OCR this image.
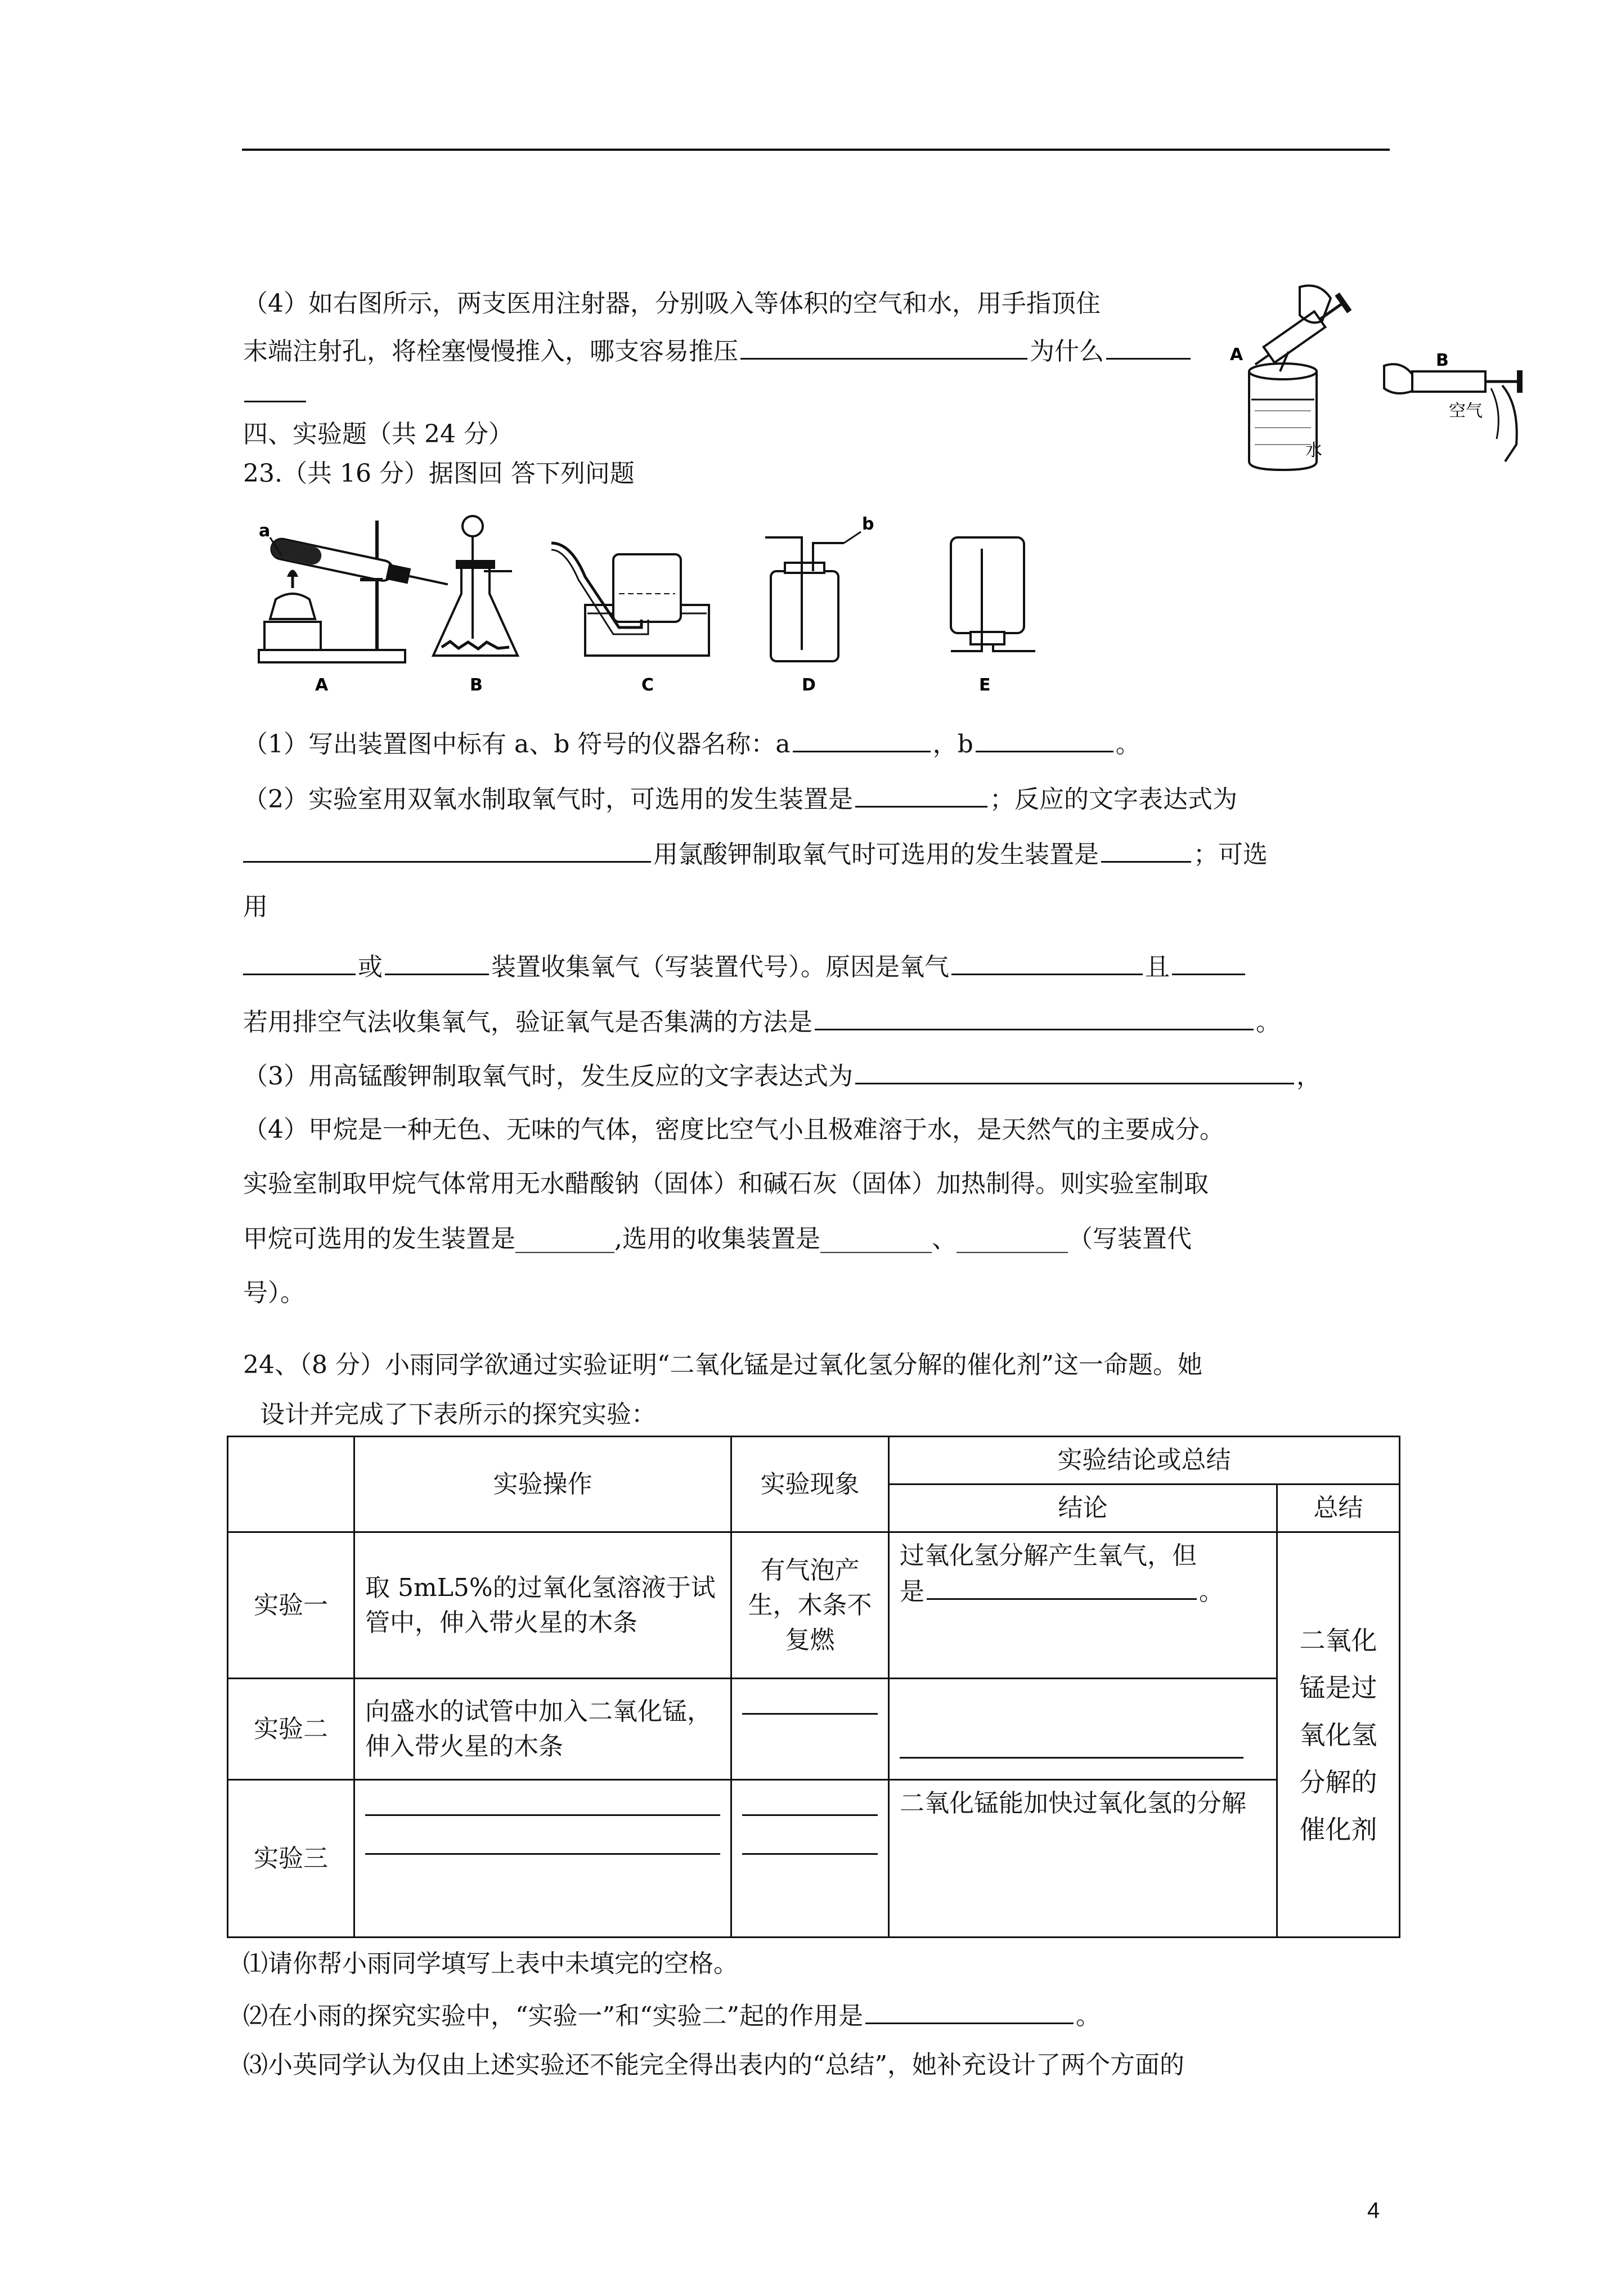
（4）如右图所示，两支医用注射器，分别吸入等体积的空气和水，用手指顶住
末端注射孔，将栓塞慢慢推入，哪支容易推压	为什么	A	B
水
空气
四、实验题（共 24 分）
23.（共 16 分）据图回 答下列问题
a
A	B	C
b
D	E
（1）写出装置图中标有 a、b 符号的仪器名称：a	，b	。
（2）实验室用双氧水制取氧气时，可选用的发生装置是	；反应的文字表达式为
用氯酸钾制取氧气时可选用的发生装置是	；可选
用
或	装置收集氧气（写装置代号）。原因是氧气	且
若用排空气法收集氧气，验证氧气是否集满的方法是	。
（3）用高锰酸钾制取氧气时，发生反应的文字表达式为	，
（4）甲烷是一种无色、无味的气体，密度比空气小且极难溶于水，是天然气的主要成分。
实验室制取甲烷气体常用无水醋酸钠（固体）和碱石灰（固体）加热制得。则实验室制取
甲烷可选用的发生装置是________,选用的收集装置是_________、_________（写装置代
号）。
24、（8 分）小雨同学欲通过实验证明“二氧化锰是过氧化氢分解的催化剂”这一命题。她
设计并完成了下表所示的探究实验：
	实验操作	实验现象	实验结论或总结	
			结论	总结
实验一	取 5mL5%的过氧化氢溶液于试管中，伸入带火星的木条	有气泡产生，木条不复燃	过氧化氢分解产生氧气，但
是 。	二氧化锰是过氧化氢分解的催化剂
实验二	向盛水的试管中加入二氧化锰，伸入带火星的木条		

实验三			二氧化锰能加快过氧化氢的分解	
⑴请你帮小雨同学填写上表中未填完的空格。
⑵在小雨的探究实验中，“实验一”和“实验二”起的作用是	。
⑶小英同学认为仅由上述实验还不能完全得出表内的“总结”，她补充设计了两个方面的
4
